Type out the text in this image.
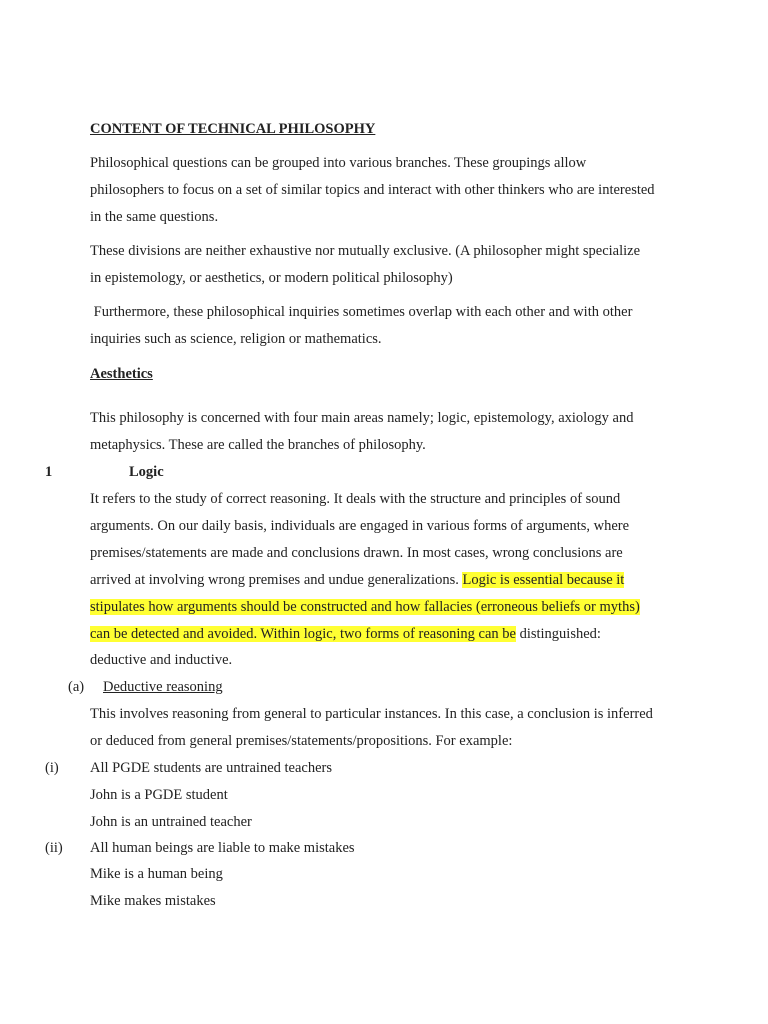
CONTENT OF TECHNICAL PHILOSOPHY
Philosophical questions can be grouped into various branches. These groupings allow
philosophers to focus on a set of similar topics and interact with other thinkers who are interested
in the same questions.
These divisions are neither exhaustive nor mutually exclusive. (A philosopher might specialize
in epistemology, or aesthetics, or modern political philosophy)
Furthermore, these philosophical inquiries sometimes overlap with each other and with other
inquiries such as science, religion or mathematics.
Aesthetics
This philosophy is concerned with four main areas namely; logic, epistemology, axiology and
metaphysics. These are called the branches of philosophy.
1	Logic
It refers to the study of correct reasoning. It deals with the structure and principles of sound
arguments. On our daily basis, individuals are engaged in various forms of arguments, where
premises/statements are made and conclusions drawn. In most cases, wrong conclusions are
arrived at involving wrong premises and undue generalizations. Logic is essential because it
stipulates how arguments should be constructed and how fallacies (erroneous beliefs or myths)
can be detected and avoided. Within logic, two forms of reasoning can be distinguished:
deductive and inductive.
(a) Deductive reasoning
This involves reasoning from general to particular instances. In this case, a conclusion is inferred
or deduced from general premises/statements/propositions. For example:
(i) All PGDE students are untrained teachers
John is a PGDE student
John is an untrained teacher
(ii) All human beings are liable to make mistakes
Mike is a human being
Mike makes mistakes
